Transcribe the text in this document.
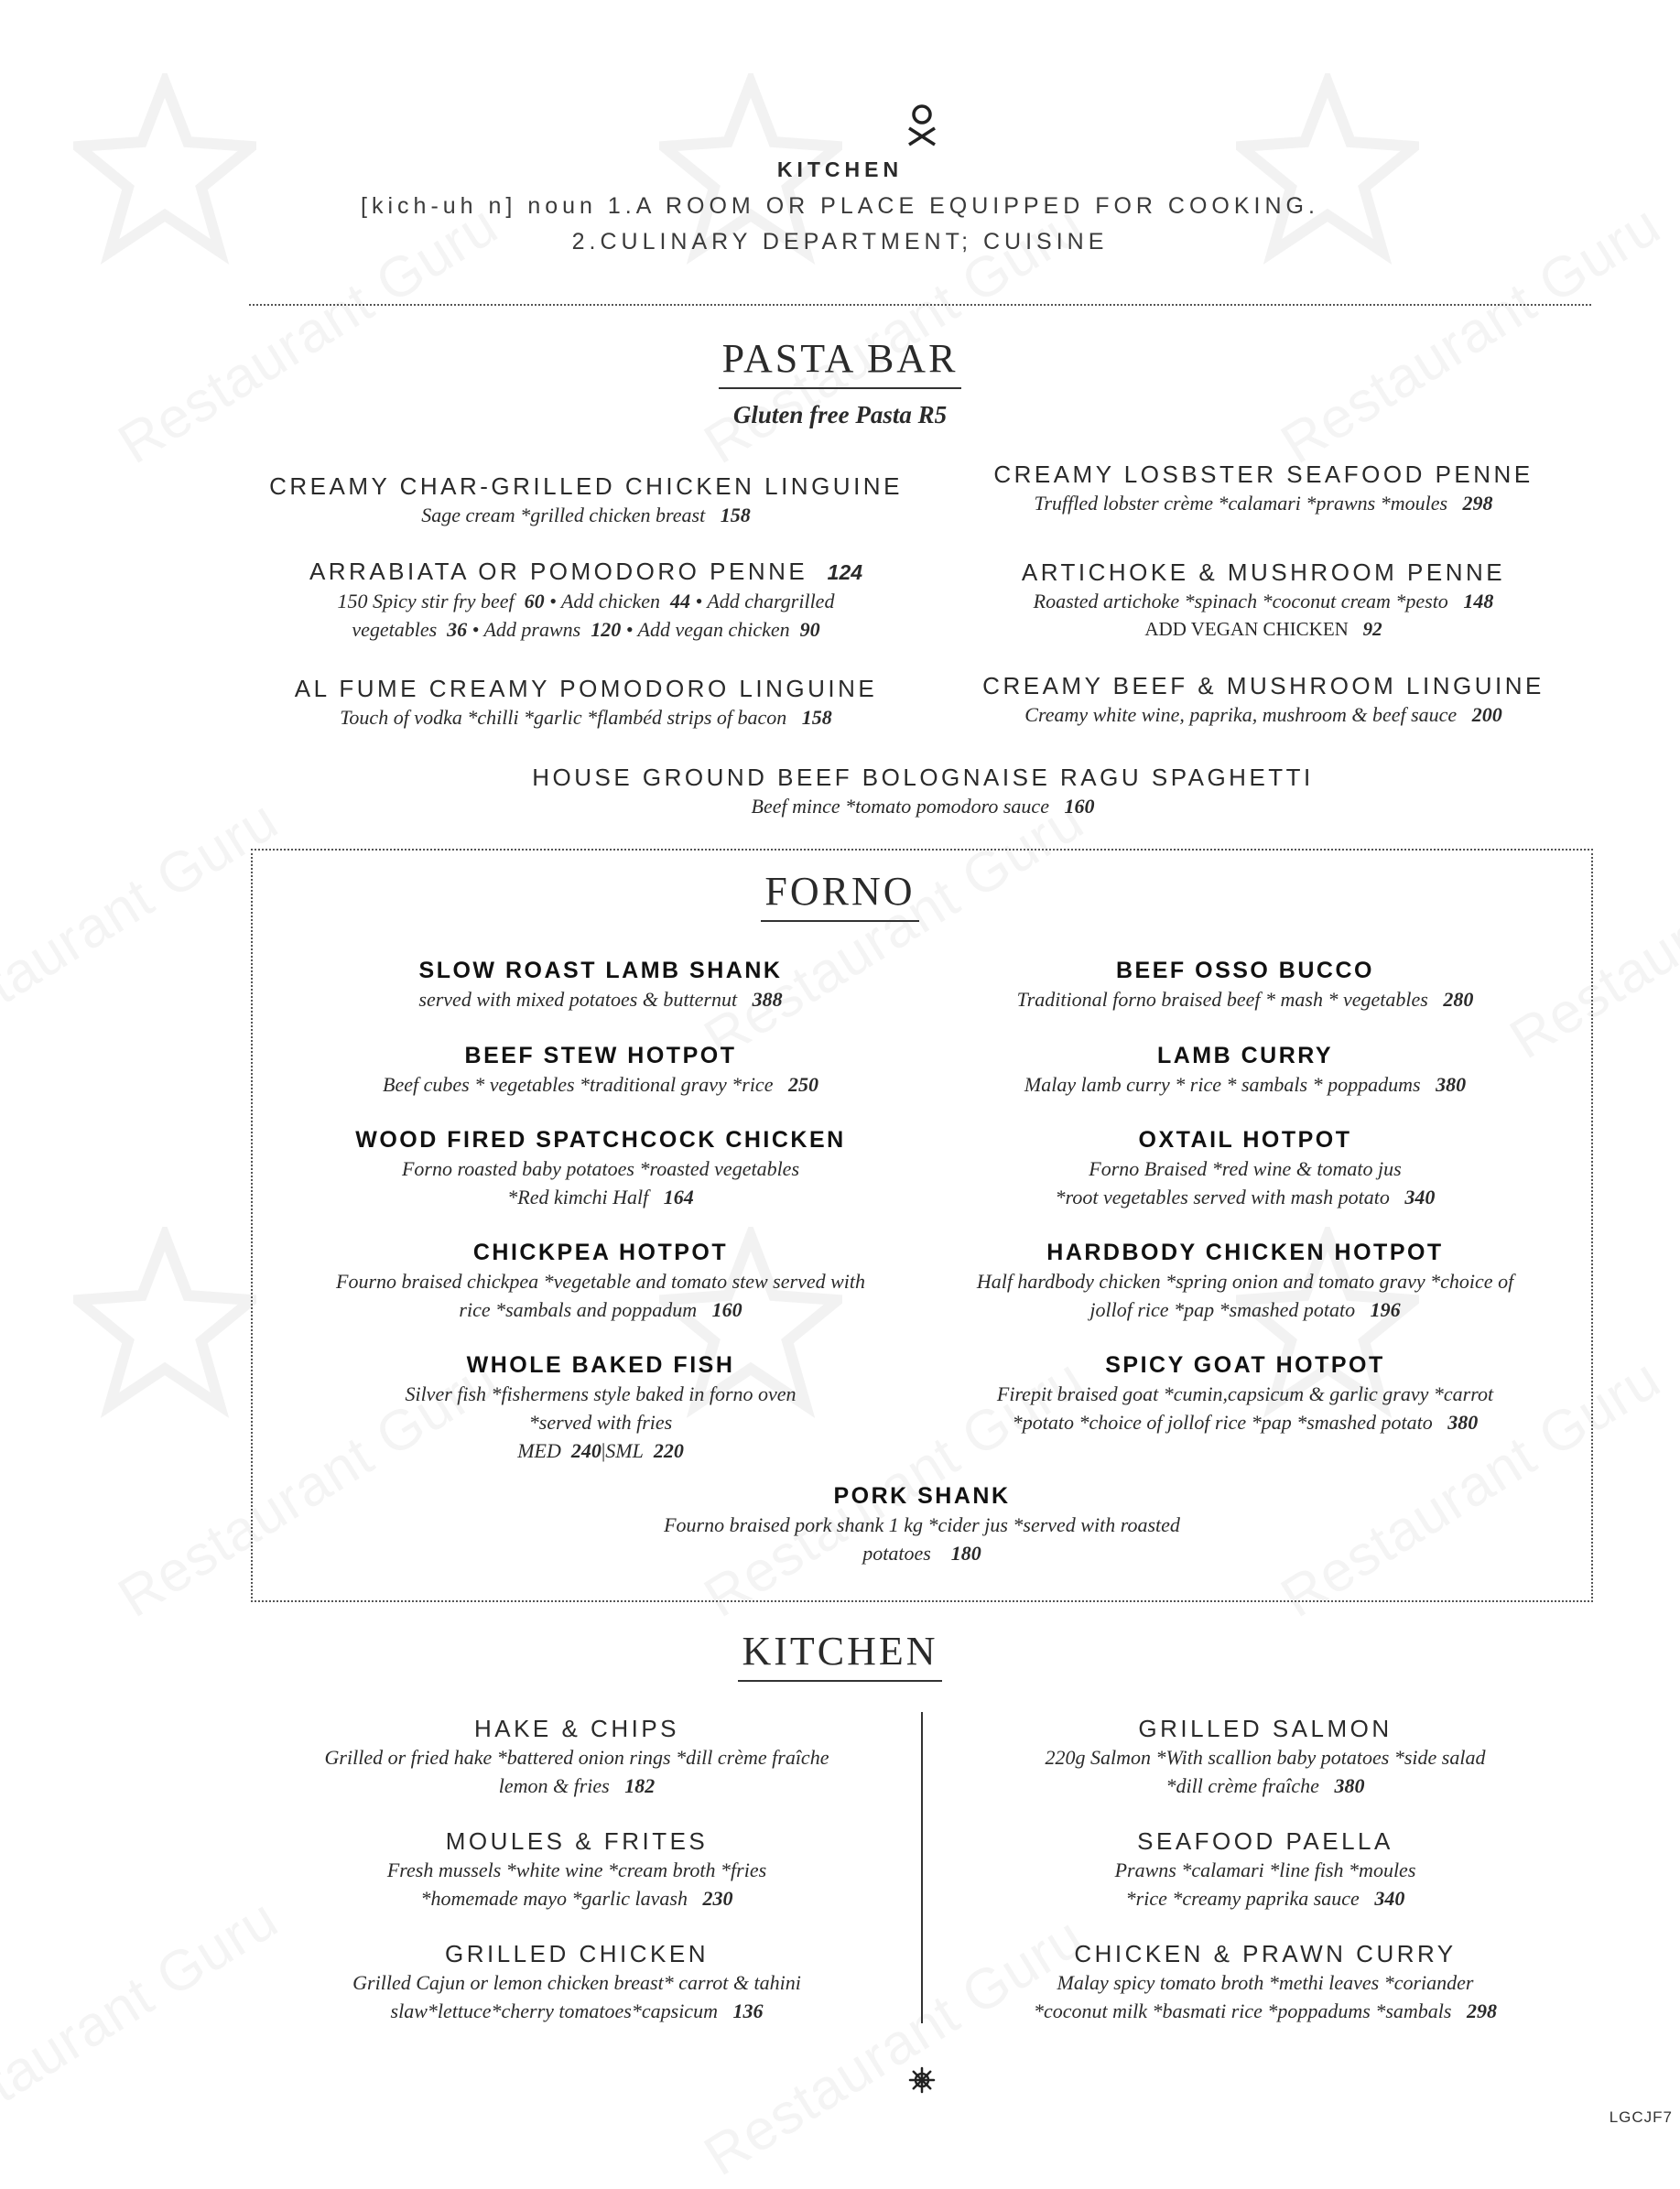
KITCHEN
[kich-uh n] noun 1.A ROOM OR PLACE EQUIPPED FOR COOKING.
2.CULINARY DEPARTMENT; CUISINE
PASTA BAR
Gluten free Pasta R5
CREAMY CHAR-GRILLED CHICKEN LINGUINE
Sage cream *grilled chicken breast 158
CREAMY LOSBSTER SEAFOOD PENNE
Truffled lobster crème *calamari *prawns *moules 298
ARRABIATA OR POMODORO PENNE 124
150 Spicy stir fry beef 60 • Add chicken 44 • Add chargrilled
vegetables 36 • Add prawns 120 • Add vegan chicken 90
ARTICHOKE & MUSHROOM PENNE
Roasted artichoke *spinach *coconut cream *pesto 148
ADD VEGAN CHICKEN 92
AL FUME CREAMY POMODORO LINGUINE
Touch of vodka *chilli *garlic *flambéd strips of bacon 158
CREAMY BEEF & MUSHROOM LINGUINE
Creamy white wine, paprika, mushroom & beef sauce 200
HOUSE GROUND BEEF BOLOGNAISE RAGU SPAGHETTI
Beef mince *tomato pomodoro sauce 160
FORNO
SLOW ROAST LAMB SHANK
served with mixed potatoes & butternut 388
BEEF OSSO BUCCO
Traditional forno braised beef * mash * vegetables 280
BEEF STEW HOTPOT
Beef cubes * vegetables *traditional gravy *rice 250
LAMB CURRY
Malay lamb curry * rice * sambals * poppadums 380
WOOD FIRED SPATCHCOCK CHICKEN
Forno roasted baby potatoes *roasted vegetables
*Red kimchi Half 164
OXTAIL HOTPOT
Forno Braised *red wine & tomato jus
*root vegetables served with mash potato 340
CHICKPEA HOTPOT
Fourno braised chickpea *vegetable and tomato stew served with
rice *sambals and poppadum 160
HARDBODY CHICKEN HOTPOT
Half hardbody chicken *spring onion and tomato gravy *choice of
jollof rice *pap *smashed potato 196
WHOLE BAKED FISH
Silver fish *fishermens style baked in forno oven
*served with fries
MED 240|SML 220
SPICY GOAT HOTPOT
Firepit braised goat *cumin,capsicum & garlic gravy *carrot
*potato *choice of jollof rice *pap *smashed potato 380
PORK SHANK
Fourno braised pork shank 1 kg *cider jus *served with roasted
potatoes 180
KITCHEN
HAKE & CHIPS
Grilled or fried hake *battered onion rings *dill crème fraîche
lemon & fries 182
GRILLED SALMON
220g Salmon *With scallion baby potatoes *side salad
*dill crème fraîche 380
MOULES & FRITES
Fresh mussels *white wine *cream broth *fries
*homemade mayo *garlic lavash 230
SEAFOOD PAELLA
Prawns *calamari *line fish *moules
*rice *creamy paprika sauce 340
GRILLED CHICKEN
Grilled Cajun or lemon chicken breast* carrot & tahini
slaw*lettuce*cherry tomatoes*capsicum 136
CHICKEN & PRAWN CURRY
Malay spicy tomato broth *methi leaves *coriander
*coconut milk *basmati rice *poppadums *sambals 298
LGCJF7
